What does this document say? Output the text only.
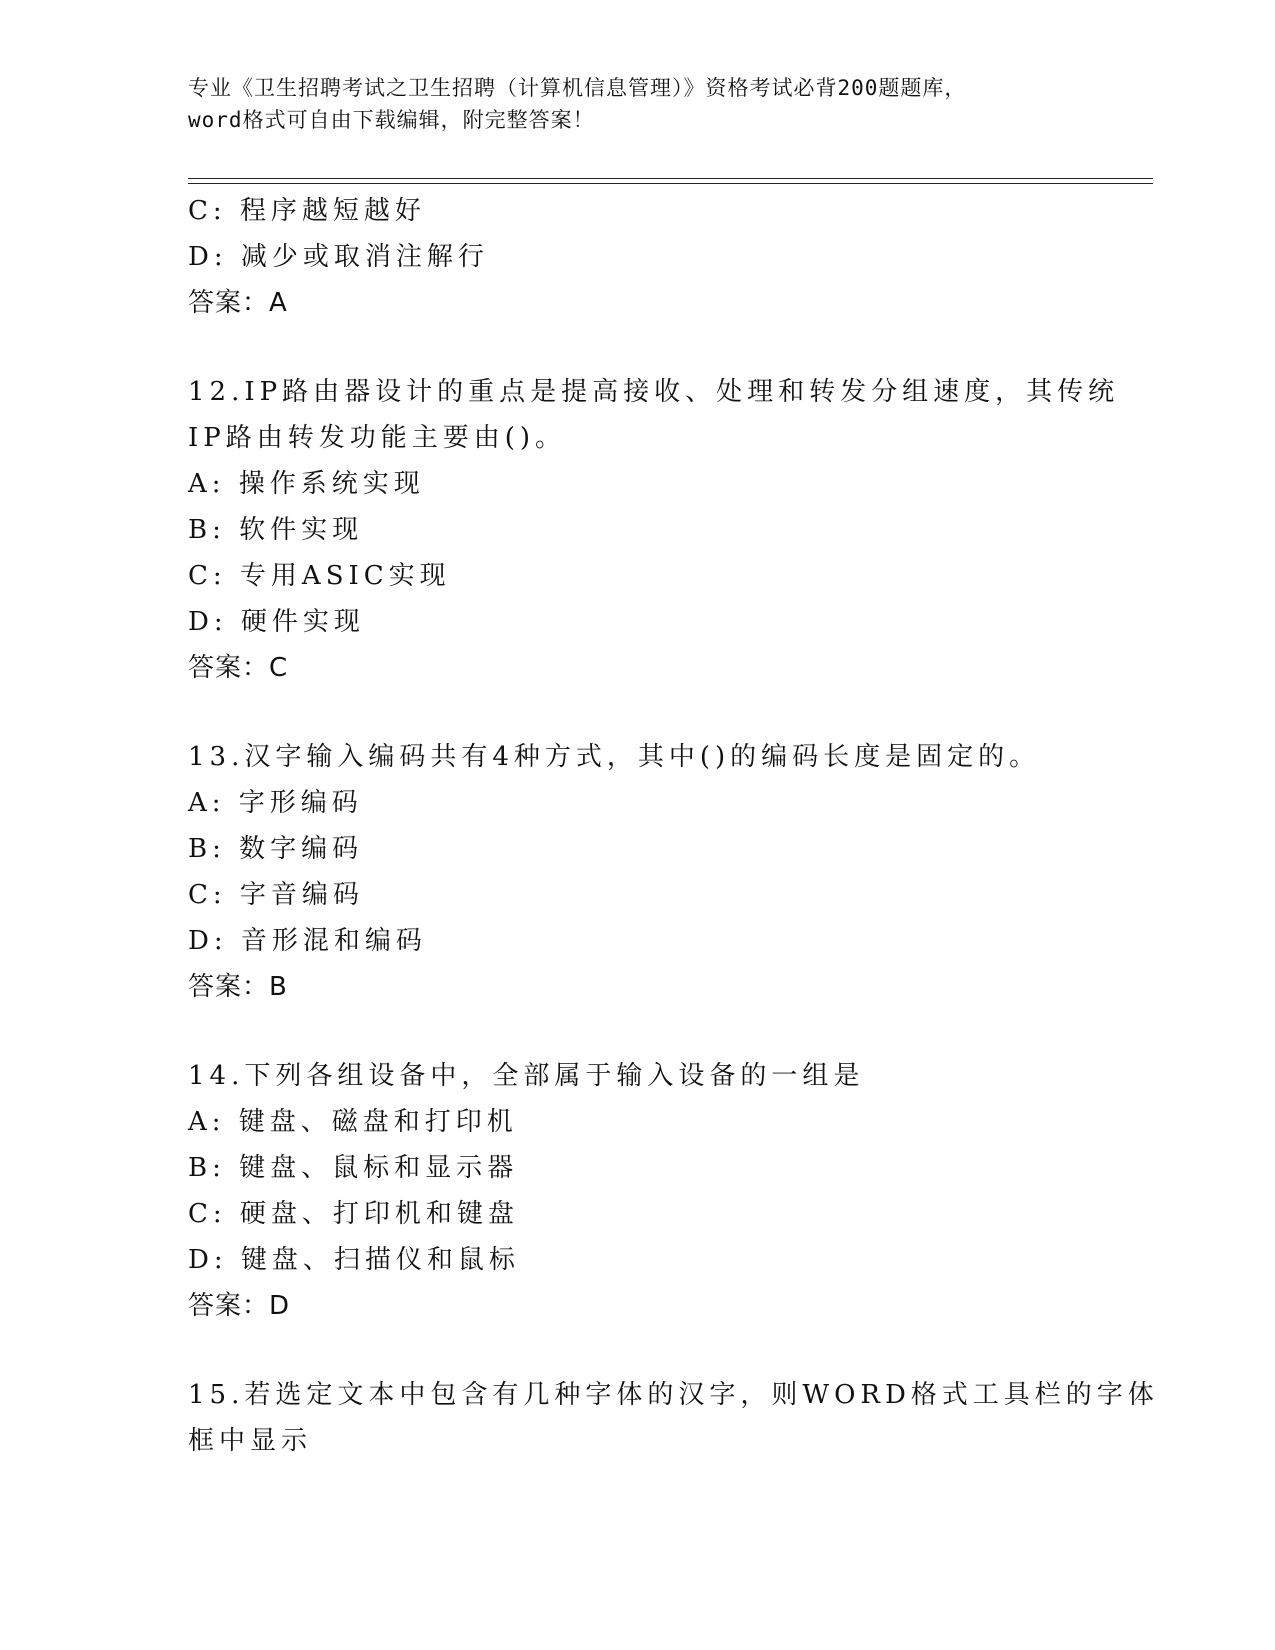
专业《卫生招聘考试之卫生招聘（计算机信息管理）》资格考试必背200题题库，
word格式可自由下载编辑，附完整答案！
C: 程序越短越好
D: 减少或取消注解行
答案：A
12.IP路由器设计的重点是提高接收、处理和转发分组速度，其传统
IP路由转发功能主要由()。
A: 操作系统实现
B: 软件实现
C: 专用ASIC实现
D: 硬件实现
答案：C
13.汉字输入编码共有4种方式，其中()的编码长度是固定的。
A: 字形编码
B: 数字编码
C: 字音编码
D: 音形混和编码
答案：B
14.下列各组设备中，全部属于输入设备的一组是
A: 键盘、磁盘和打印机
B: 键盘、鼠标和显示器
C: 硬盘、打印机和键盘
D: 键盘、扫描仪和鼠标
答案：D
15.若选定文本中包含有几种字体的汉字，则WORD格式工具栏的字体
框中显示
